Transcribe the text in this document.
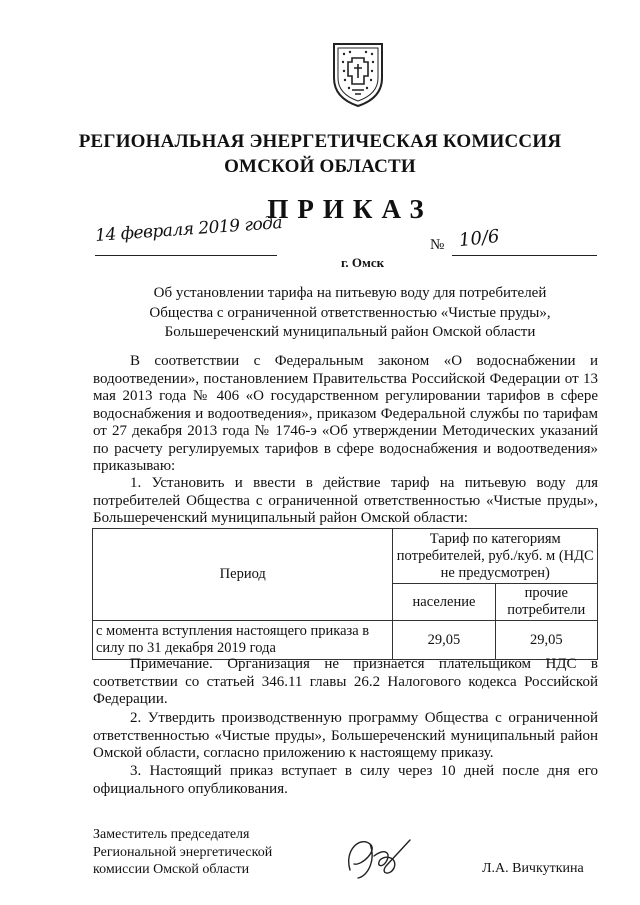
РЕГИОНАЛЬНАЯ ЭНЕРГЕТИЧЕСКАЯ КОМИССИЯ
ОМСКОЙ ОБЛАСТИ
ПРИКАЗ
14 февраля 2019 года	№ 10/6
г. Омск
Об установлении тарифа на питьевую воду для потребителей
Общества с ограниченной ответственностью «Чистые пруды»,
Большереченский муниципальный район Омской области
В соответствии с Федеральным законом «О водоснабжении и водоотведении», постановлением Правительства Российской Федерации от 13 мая 2013 года № 406 «О государственном регулировании тарифов в сфере водоснабжения и водоотведения», приказом Федеральной службы по тарифам от 27 декабря 2013 года № 1746-э «Об утверждении Методических указаний по расчету регулируемых тарифов в сфере водоснабжения и водоотведения» приказываю:
1. Установить и ввести в действие тариф на питьевую воду для потребителей Общества с ограниченной ответственностью «Чистые пруды», Большереченский муниципальный район Омской области:
Период	Тариф по категориям потребителей, руб./куб. м (НДС не предусмотрен)	
	население	прочие потребители
с момента вступления настоящего приказа в силу по 31 декабря 2019 года	29,05	29,05
Примечание. Организация не признается плательщиком НДС в соответствии со статьей 346.11 главы 26.2 Налогового кодекса Российской Федерации.
2. Утвердить производственную программу Общества с ограниченной ответственностью «Чистые пруды», Большереченский муниципальный район Омской области, согласно приложению к настоящему приказу.
3. Настоящий приказ вступает в силу через 10 дней после дня его официального опубликования.
Заместитель председателя
Региональной энергетической
комиссии Омской области	Л.А. Вичкуткина
